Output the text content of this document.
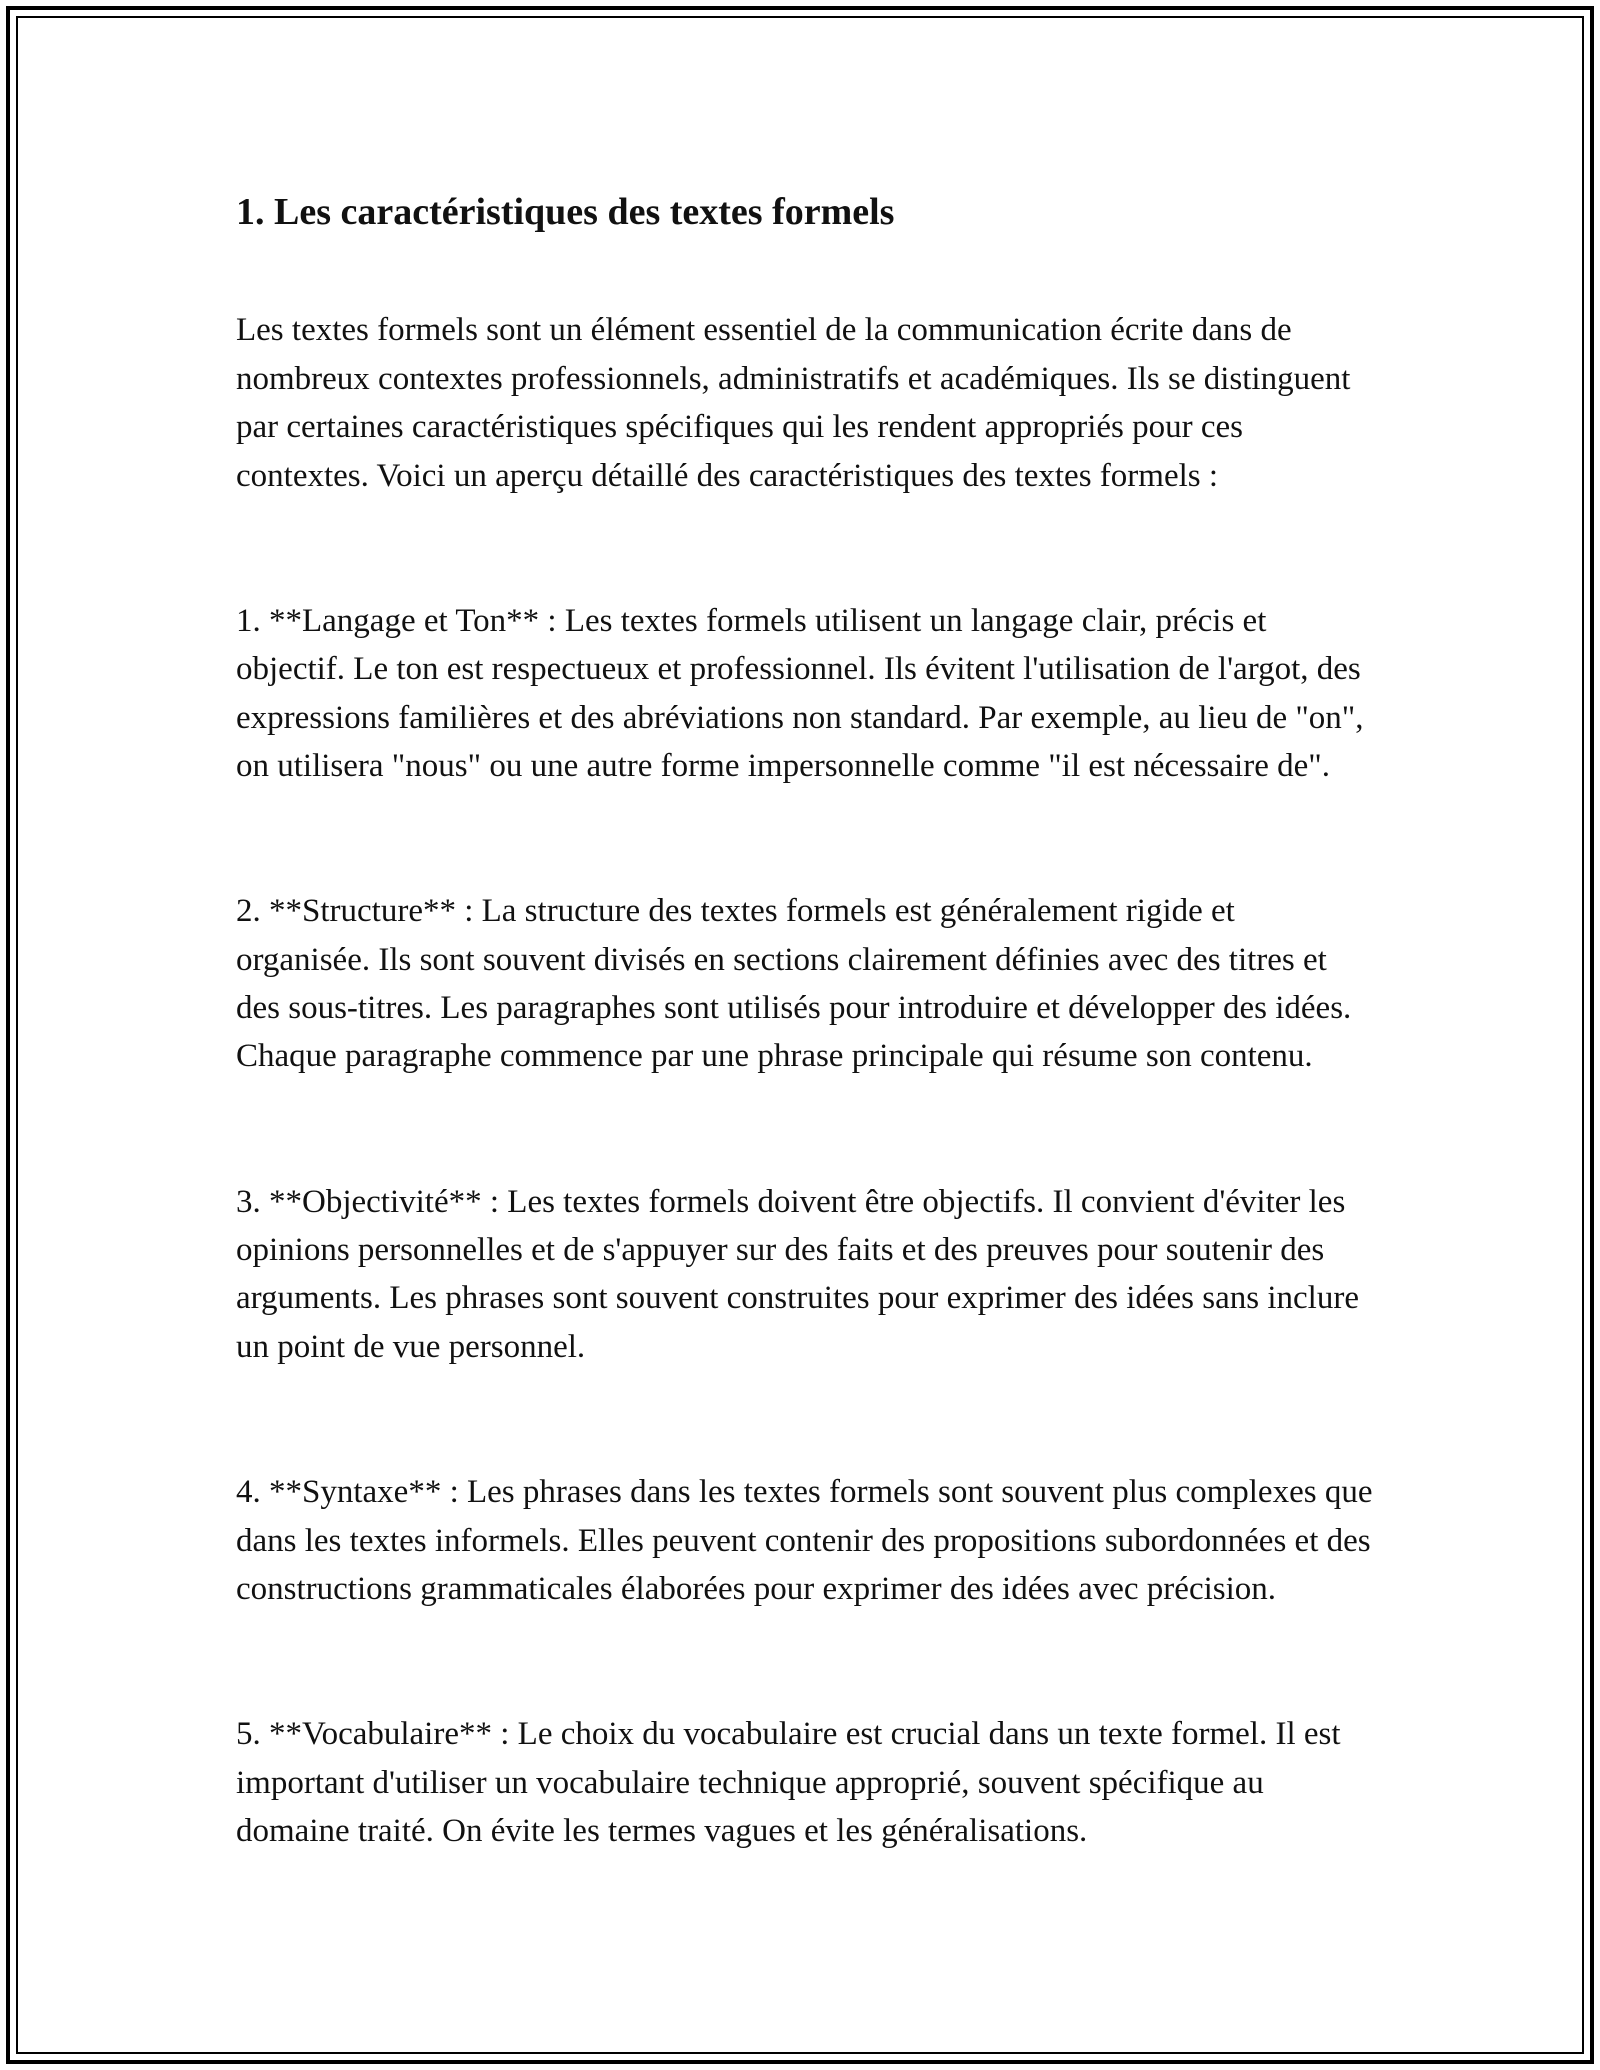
1. Les caractéristiques des textes formels

Les textes formels sont un élément essentiel de la communication écrite dans de nombreux contextes professionnels, administratifs et académiques. Ils se distinguent par certaines caractéristiques spécifiques qui les rendent appropriés pour ces contextes. Voici un aperçu détaillé des caractéristiques des textes formels :

1. **Langage et Ton** : Les textes formels utilisent un langage clair, précis et objectif. Le ton est respectueux et professionnel. Ils évitent l'utilisation de l'argot, des expressions familières et des abréviations non standard. Par exemple, au lieu de "on", on utilisera "nous" ou une autre forme impersonnelle comme "il est nécessaire de".

2. **Structure** : La structure des textes formels est généralement rigide et organisée. Ils sont souvent divisés en sections clairement définies avec des titres et des sous-titres. Les paragraphes sont utilisés pour introduire et développer des idées. Chaque paragraphe commence par une phrase principale qui résume son contenu.

3. **Objectivité** : Les textes formels doivent être objectifs. Il convient d'éviter les opinions personnelles et de s'appuyer sur des faits et des preuves pour soutenir des arguments. Les phrases sont souvent construites pour exprimer des idées sans inclure un point de vue personnel.

4. **Syntaxe** : Les phrases dans les textes formels sont souvent plus complexes que dans les textes informels. Elles peuvent contenir des propositions subordonnées et des constructions grammaticales élaborées pour exprimer des idées avec précision.

5. **Vocabulaire** : Le choix du vocabulaire est crucial dans un texte formel. Il est important d'utiliser un vocabulaire technique approprié, souvent spécifique au domaine traité. On évite les termes vagues et les généralisations.
